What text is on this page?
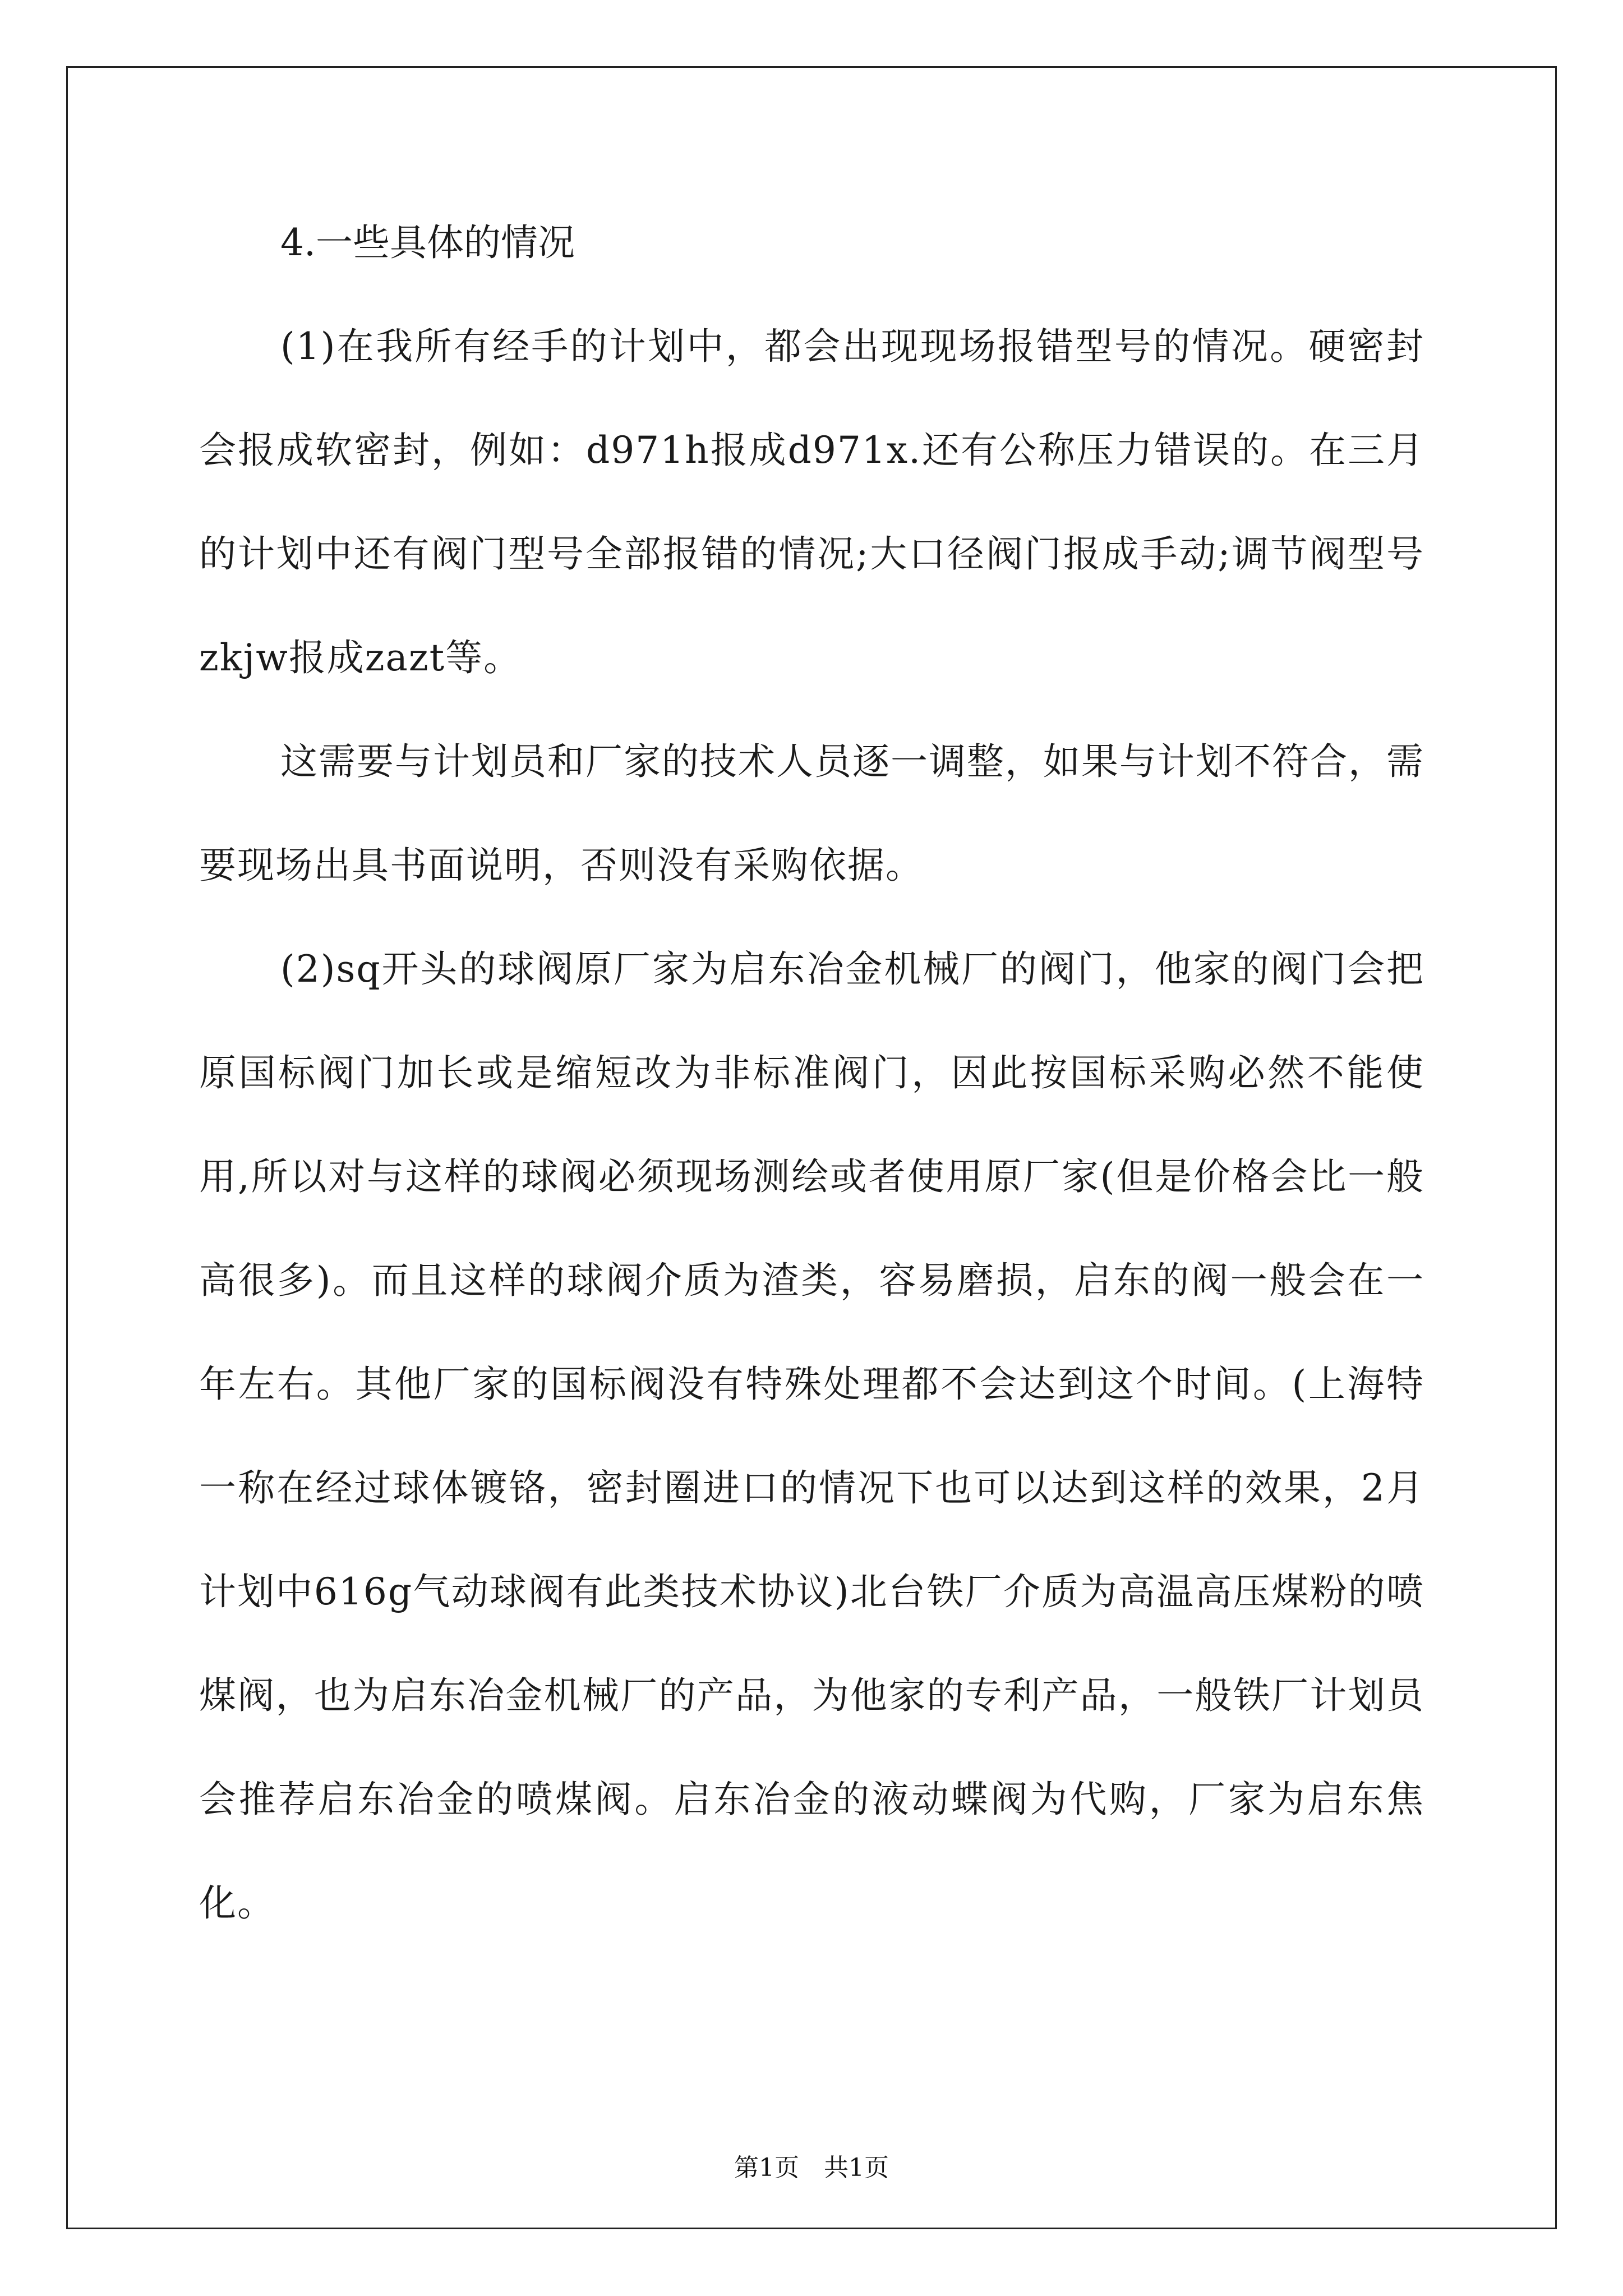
4.一些具体的情况

(1)在我所有经手的计划中，都会出现现场报错型号的情况。硬密封会报成软密封，例如：d971h报成d971x.还有公称压力错误的。在三月的计划中还有阀门型号全部报错的情况;大口径阀门报成手动;调节阀型号zkjw报成zazt等。

这需要与计划员和厂家的技术人员逐一调整，如果与计划不符合，需要现场出具书面说明，否则没有采购依据。

(2)sq开头的球阀原厂家为启东冶金机械厂的阀门，他家的阀门会把原国标阀门加长或是缩短改为非标准阀门，因此按国标采购必然不能使用,所以对与这样的球阀必须现场测绘或者使用原厂家(但是价格会比一般高很多)。而且这样的球阀介质为渣类，容易磨损，启东的阀一般会在一年左右。其他厂家的国标阀没有特殊处理都不会达到这个时间。(上海特一称在经过球体镀铬，密封圈进口的情况下也可以达到这样的效果，2月计划中616g气动球阀有此类技术协议)北台铁厂介质为高温高压煤粉的喷煤阀，也为启东冶金机械厂的产品，为他家的专利产品，一般铁厂计划员会推荐启东冶金的喷煤阀。启东冶金的液动蝶阀为代购，厂家为启东焦化。

第1页　共1页
